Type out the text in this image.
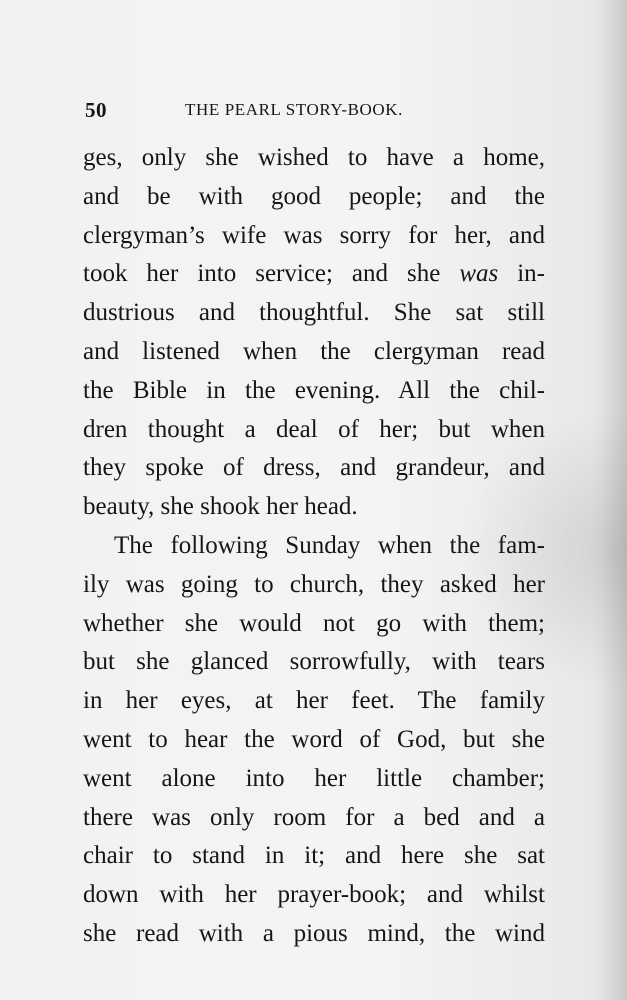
50	THE PEARL STORY-BOOK.
ges, only she wished to have a home,
and be with good people; and the
clergyman’s wife was sorry for her, and
took her into service; and she was in-
dustrious and thoughtful. She sat still
and listened when the clergyman read
the Bible in the evening. All the chil-
dren thought a deal of her; but when
they spoke of dress, and grandeur, and
beauty, she shook her head.
The following Sunday when the fam-
ily was going to church, they asked her
whether she would not go with them;
but she glanced sorrowfully, with tears
in her eyes, at her feet. The family
went to hear the word of God, but she
went alone into her little chamber;
there was only room for a bed and a
chair to stand in it; and here she sat
down with her prayer-book; and whilst
she read with a pious mind, the wind
